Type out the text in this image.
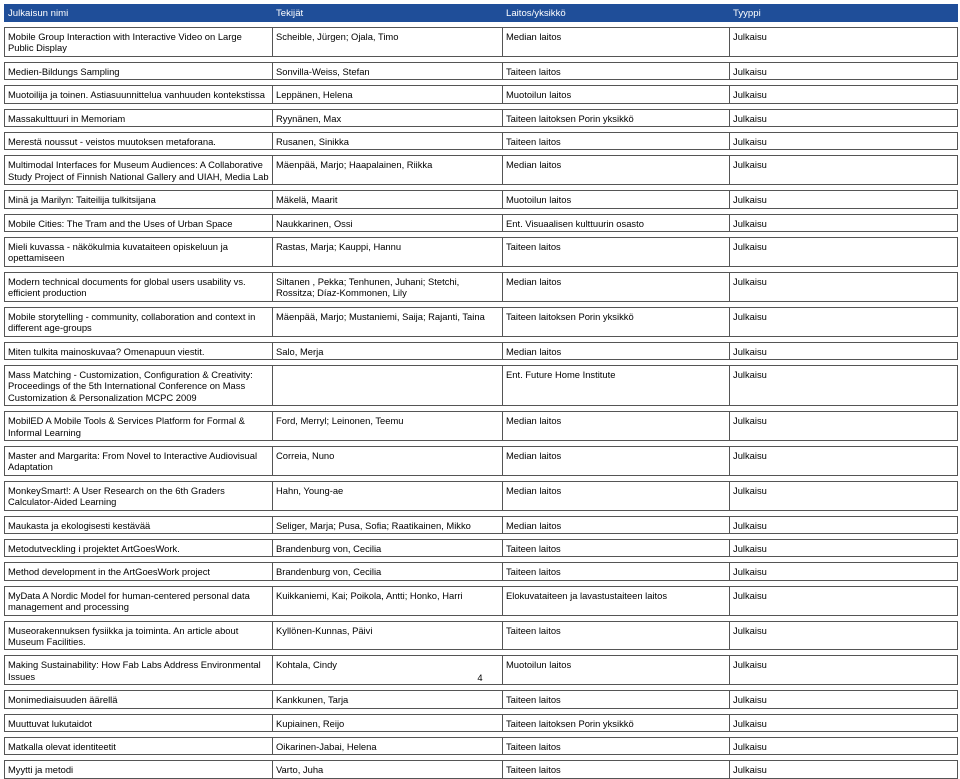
Julkaisun nimi	Tekijät	Laitos/yksikkö	Tyyppi

Mobile Group Interaction with Interactive Video on Large Public Display	Scheible, Jürgen; Ojala, Timo	Median laitos	Julkaisu

Medien-Bildungs Sampling	Sonvilla-Weiss, Stefan	Taiteen laitos	Julkaisu

Muotoilija ja toinen. Astiasuunnittelua vanhuuden kontekstissa	Leppänen, Helena	Muotoilun laitos	Julkaisu

Massakulttuuri in Memoriam	Ryynänen, Max	Taiteen laitoksen Porin yksikkö	Julkaisu

Merestä noussut - veistos muutoksen metaforana.	Rusanen, Sinikka	Taiteen laitos	Julkaisu

Multimodal Interfaces for Museum Audiences: A Collaborative Study Project of Finnish National Gallery and UIAH, Media Lab	Mäenpää, Marjo; Haapalainen, Riikka	Median laitos	Julkaisu

Minä ja Marilyn: Taiteilija tulkitsijana	Mäkelä, Maarit	Muotoilun laitos	Julkaisu

Mobile Cities: The Tram and the Uses of Urban Space	Naukkarinen, Ossi	Ent. Visuaalisen kulttuurin osasto	Julkaisu

Mieli kuvassa - näkökulmia kuvataiteen opiskeluun ja opettamiseen	Rastas, Marja; Kauppi, Hannu	Taiteen laitos	Julkaisu

Modern technical documents for global users usability vs. efficient production	Siltanen , Pekka; Tenhunen, Juhani; Stetchi, Rossitza; Díaz-Kommonen, Lily	Median laitos	Julkaisu

Mobile storytelling - community, collaboration and context in different age-groups	Mäenpää, Marjo; Mustaniemi, Saija; Rajanti, Taina	Taiteen laitoksen Porin yksikkö	Julkaisu

Miten tulkita mainoskuvaa? Omenapuun viestit.	Salo, Merja	Median laitos	Julkaisu

Mass Matching - Customization, Configuration & Creativity: Proceedings of the 5th International Conference on Mass Customization & Personalization MCPC 2009		Ent. Future Home Institute	Julkaisu

MobilED A Mobile Tools & Services Platform for Formal & Informal Learning	Ford, Merryl; Leinonen, Teemu	Median laitos	Julkaisu

Master and Margarita: From Novel to Interactive Audiovisual Adaptation	Correia, Nuno	Median laitos	Julkaisu

MonkeySmart!: A User Research on the 6th Graders Calculator-Aided Learning	Hahn, Young-ae	Median laitos	Julkaisu

Maukasta ja ekologisesti kestävää	Seliger, Marja; Pusa, Sofia; Raatikainen, Mikko	Median laitos	Julkaisu

Metodutveckling i projektet ArtGoesWork.	Brandenburg von, Cecilia	Taiteen laitos	Julkaisu

Method development in the ArtGoesWork project	Brandenburg von, Cecilia	Taiteen laitos	Julkaisu

MyData A Nordic Model for human-centered personal data management and processing	Kuikkaniemi, Kai; Poikola, Antti; Honko, Harri	Elokuvataiteen ja lavastustaiteen laitos	Julkaisu

Museorakennuksen fysiikka ja toiminta. An article about Museum Facilities.	Kyllönen-Kunnas, Päivi	Taiteen laitos	Julkaisu

Making Sustainability: How Fab Labs Address Environmental Issues	Kohtala, Cindy	Muotoilun laitos	Julkaisu

Monimediaisuuden äärellä	Kankkunen, Tarja	Taiteen laitos	Julkaisu

Muuttuvat lukutaidot	Kupiainen, Reijo	Taiteen laitoksen Porin yksikkö	Julkaisu

Matkalla olevat identiteetit	Oikarinen-Jabai, Helena	Taiteen laitos	Julkaisu

Myytti ja metodi	Varto, Juha	Taiteen laitos	Julkaisu
4
